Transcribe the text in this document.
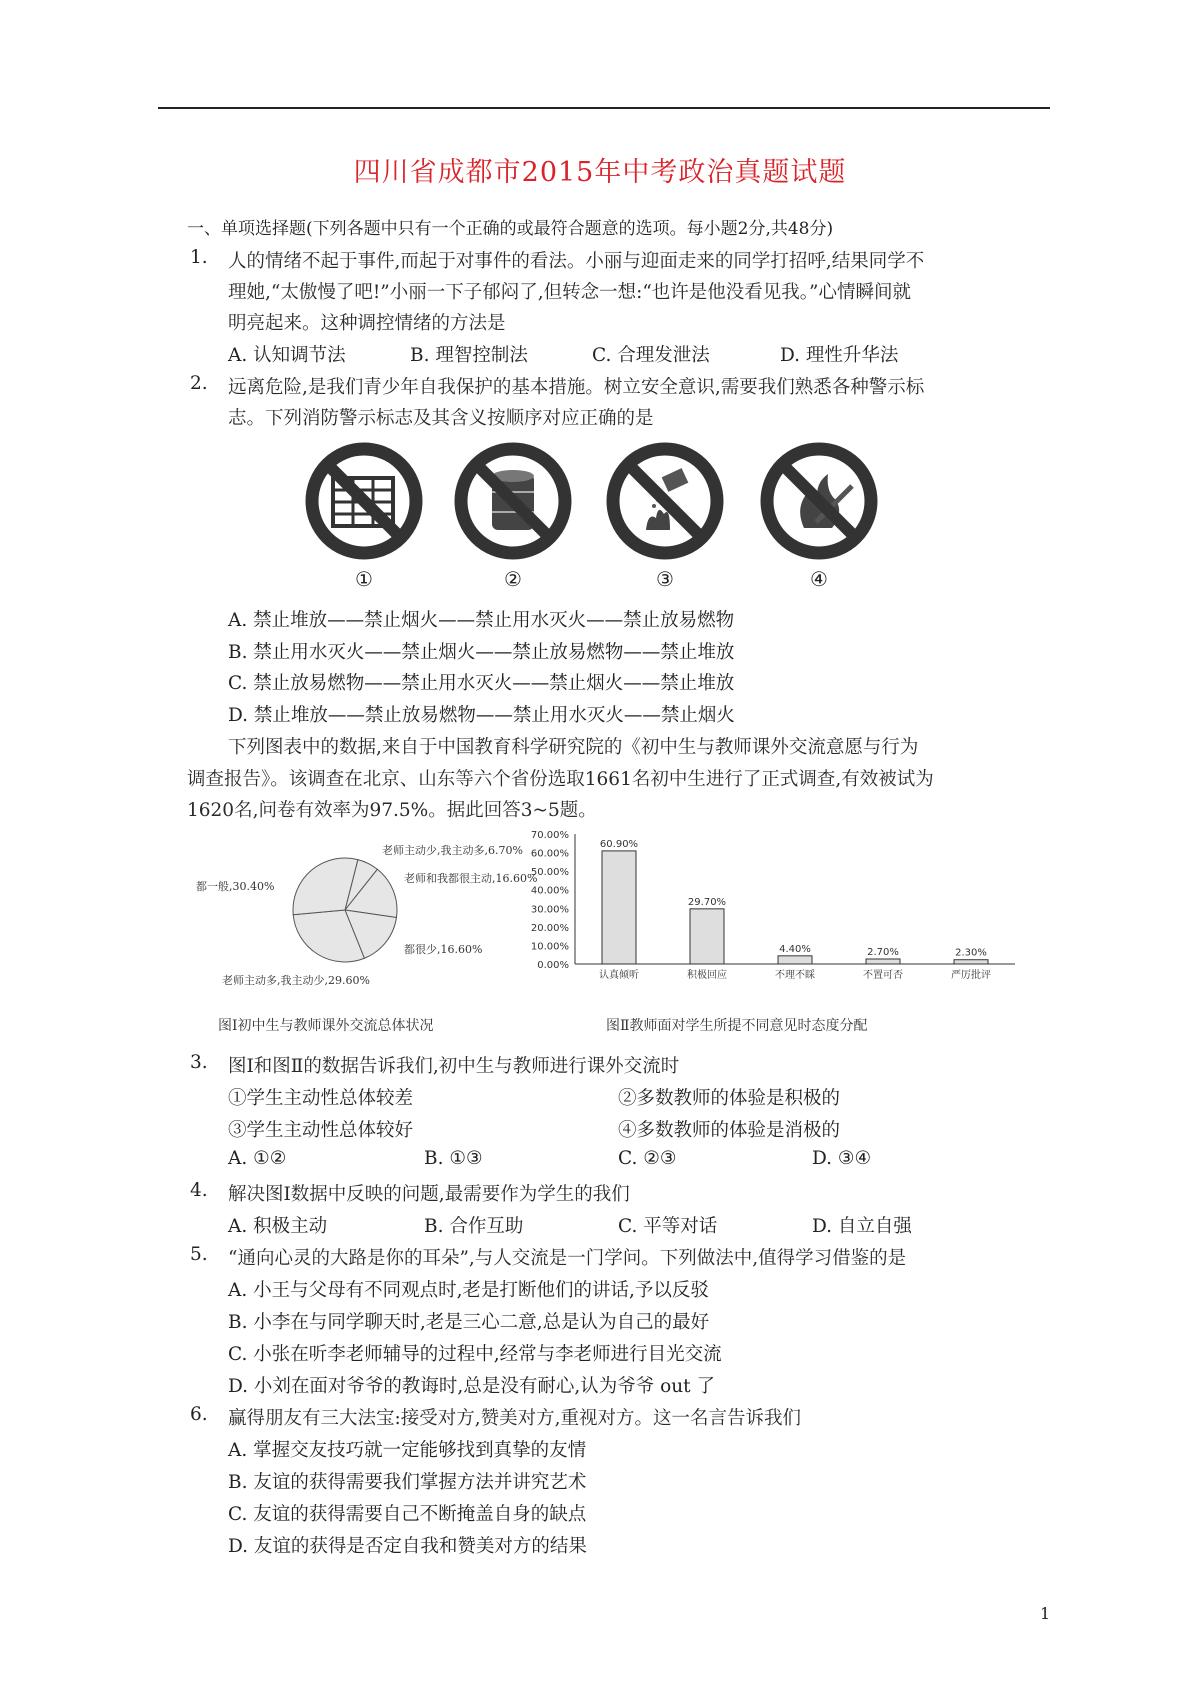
四川省成都市2015年中考政治真题试题
一、单项选择题(下列各题中只有一个正确的或最符合题意的选项。每小题2分,共48分)
1. 人的情绪不起于事件,而起于对事件的看法。小丽与迎面走来的同学打招呼,结果同学不
理她,“太傲慢了吧!”小丽一下子郁闷了,但转念一想:“也许是他没看见我。”心情瞬间就
明亮起来。这种调控情绪的方法是
A. 认知调节法	B. 理智控制法	C. 合理发泄法	D. 理性升华法
2. 远离危险,是我们青少年自我保护的基本措施。树立安全意识,需要我们熟悉各种警示标
志。下列消防警示标志及其含义按顺序对应正确的是
①	②	③	④
A. 禁止堆放——禁止烟火——禁止用水灭火——禁止放易燃物
B. 禁止用水灭火——禁止烟火——禁止放易燃物——禁止堆放
C. 禁止放易燃物——禁止用水灭火——禁止烟火——禁止堆放
D. 禁止堆放——禁止放易燃物——禁止用水灭火——禁止烟火
下列图表中的数据,来自于中国教育科学研究院的《初中生与教师课外交流意愿与行为
调查报告》。该调查在北京、山东等六个省份选取1661名初中生进行了正式调查,有效被试为
1620名,问卷有效率为97.5%。据此回答3~5题。
老师主动少,我主动多,6.70%
老师和我都很主动,16.60%
都很少,16.60%
老师主动多,我主动少,29.60%
都一般,30.40%
图Ⅰ初中生与教师课外交流总体状况
0.00%
10.00%
20.00%
30.00%
40.00%
50.00%
60.00%
70.00%
60.90%
认真倾听
29.70%
积极回应
4.40%
不理不睬
2.70%
不置可否
2.30%
严厉批评
图Ⅱ教师面对学生所提不同意见时态度分配
3. 图Ⅰ和图Ⅱ的数据告诉我们,初中生与教师进行课外交流时
①学生主动性总体较差	②多数教师的体验是积极的
③学生主动性总体较好	④多数教师的体验是消极的
A. ①②	B. ①③	C. ②③	D. ③④
4. 解决图Ⅰ数据中反映的问题,最需要作为学生的我们
A. 积极主动	B. 合作互助	C. 平等对话	D. 自立自强
5. “通向心灵的大路是你的耳朵”,与人交流是一门学问。下列做法中,值得学习借鉴的是
A. 小王与父母有不同观点时,老是打断他们的讲话,予以反驳
B. 小李在与同学聊天时,老是三心二意,总是认为自己的最好
C. 小张在听李老师辅导的过程中,经常与李老师进行目光交流
D. 小刘在面对爷爷的教诲时,总是没有耐心,认为爷爷 out 了
6. 赢得朋友有三大法宝:接受对方,赞美对方,重视对方。这一名言告诉我们
A. 掌握交友技巧就一定能够找到真挚的友情
B. 友谊的获得需要我们掌握方法并讲究艺术
C. 友谊的获得需要自己不断掩盖自身的缺点
D. 友谊的获得是否定自我和赞美对方的结果
1
